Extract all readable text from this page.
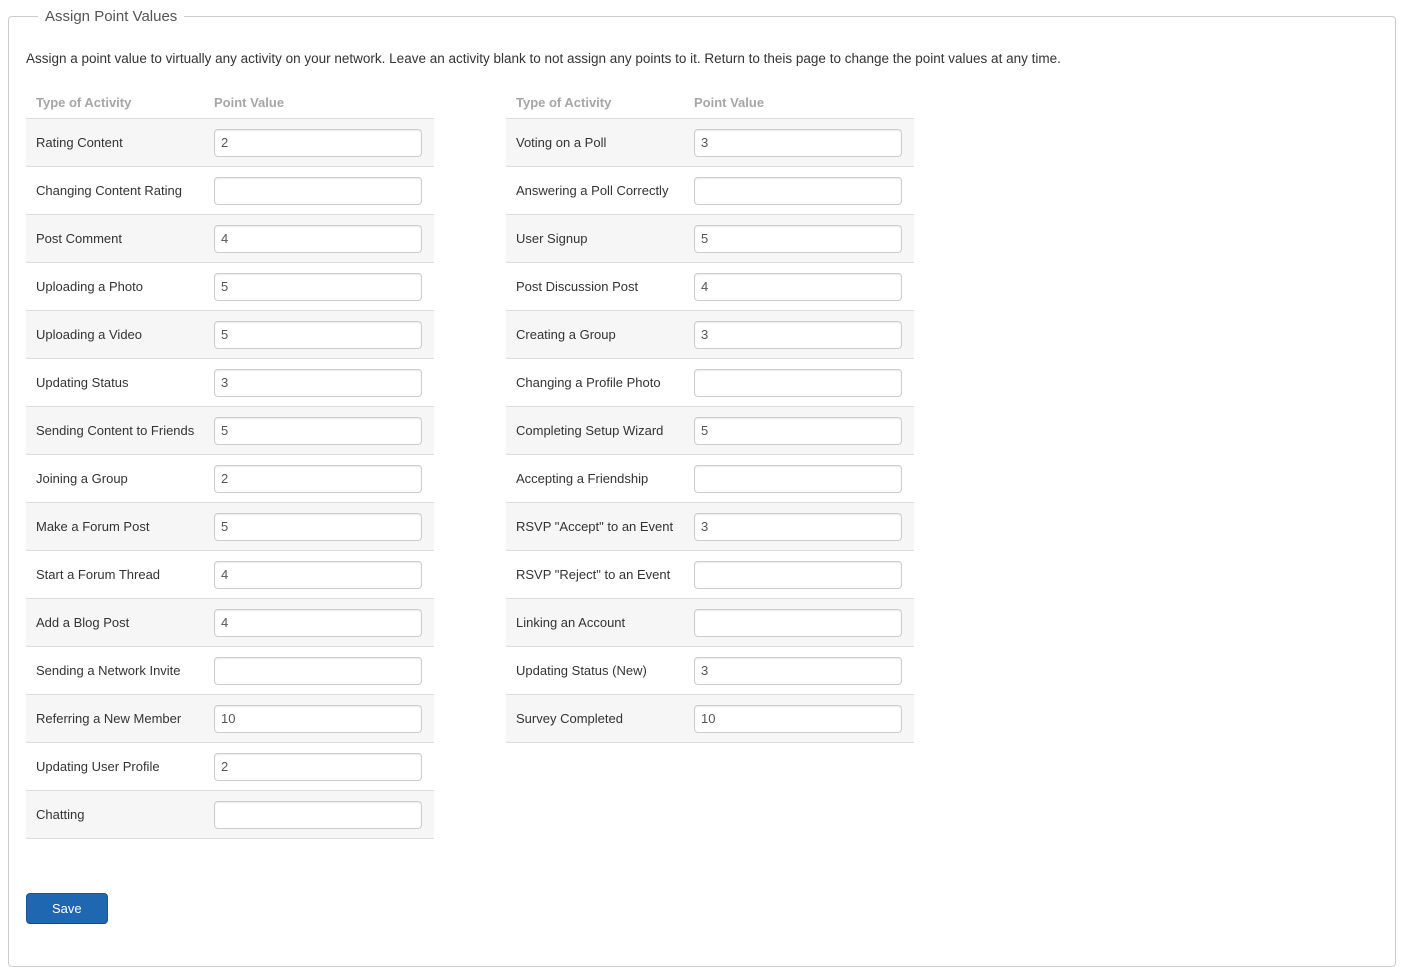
Assign Point Values

Assign a point value to virtually any activity on your network. Leave an activity blank to not assign any points to it. Return to theis page to change the point values at any time.

Type of Activity	Point Value
Rating Content
2
Changing Content Rating
Post Comment
4
Uploading a Photo
5
Uploading a Video
5
Updating Status
3
Sending Content to Friends
5
Joining a Group
2
Make a Forum Post
5
Start a Forum Thread
4
Add a Blog Post
4
Sending a Network Invite
Referring a New Member
10
Updating User Profile
2
Chatting
Type of Activity	Point Value
Voting on a Poll
3
Answering a Poll Correctly
User Signup
5
Post Discussion Post
4
Creating a Group
3
Changing a Profile Photo
Completing Setup Wizard
5
Accepting a Friendship
RSVP "Accept" to an Event
3
RSVP "Reject" to an Event
Linking an Account
Updating Status (New)
3
Survey Completed
10
Save
